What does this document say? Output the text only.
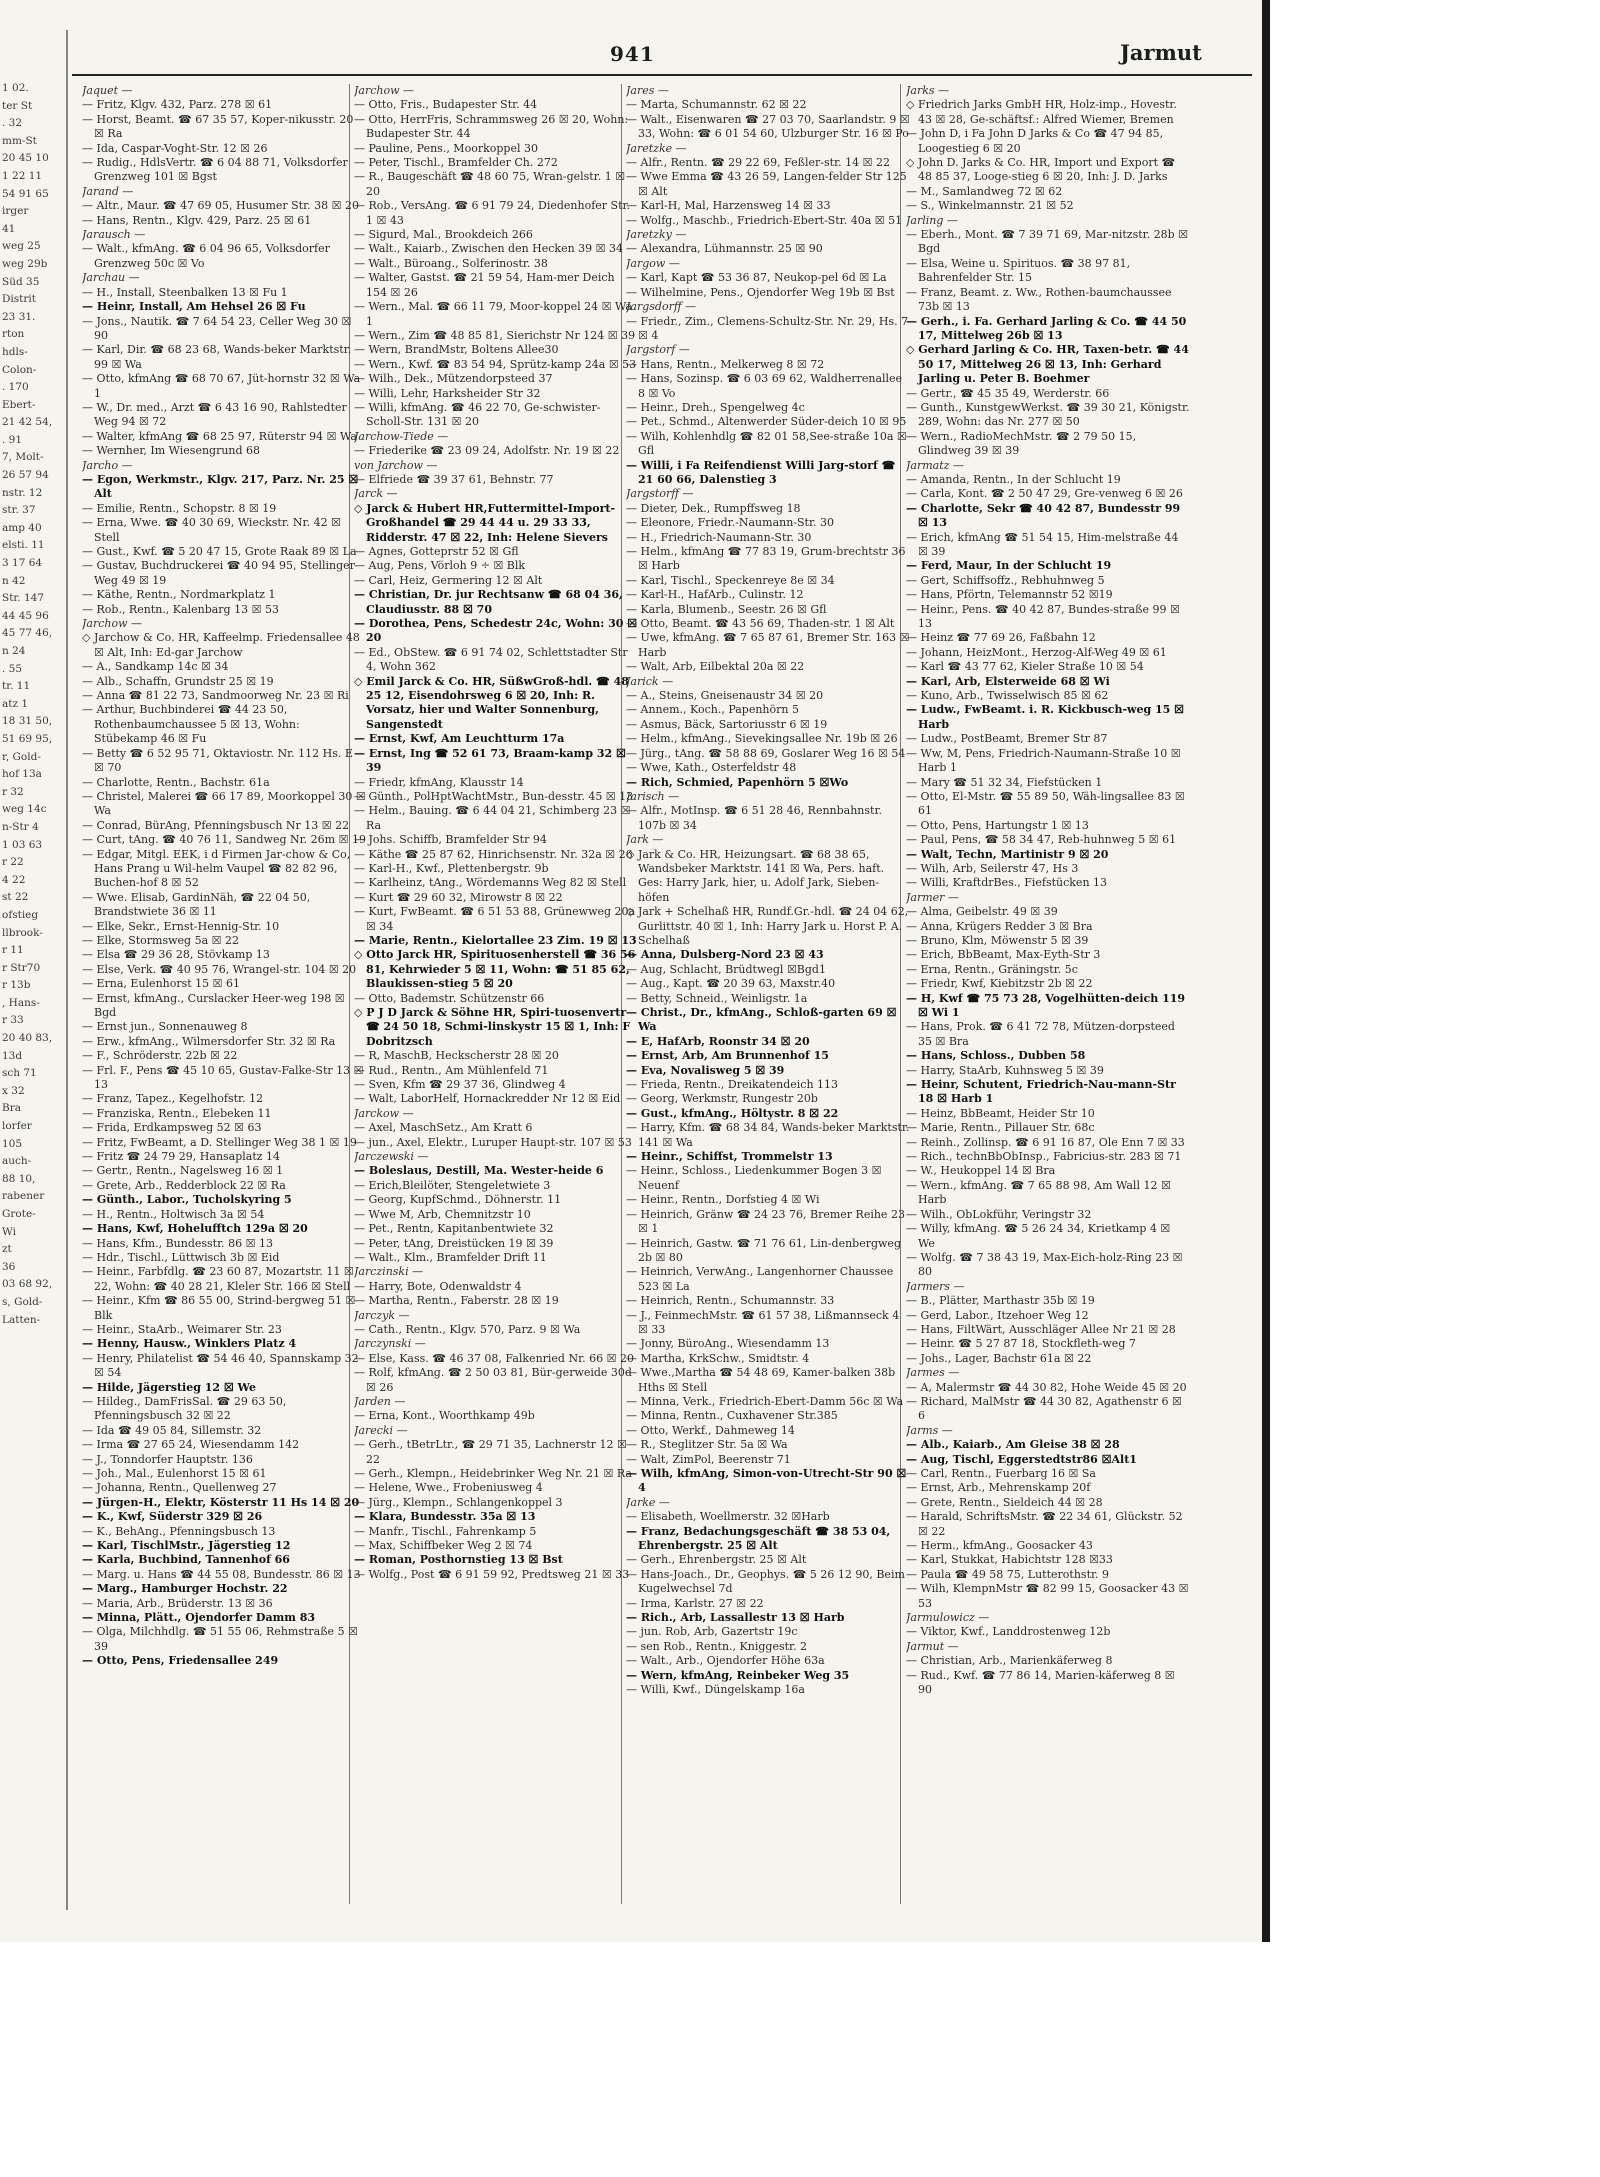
1 02.
ter St
. 32
mm-St
20 45 10
1 22 11
54 91 65
irger
41
weg 25
weg 29b
Süd 35
Distrit
23 31.
rton
hdls-
Colon-
. 170
Ebert-
21 42 54,
. 91
7, Molt-
26 57 94
nstr. 12
str. 37
amp 40
elsti. 11
3 17 64
n 42
Str. 147
44 45 96
45 77 46,
n 24
. 55
tr. 11
atz 1
18 31 50,
51 69 95,
r, Gold-
hof 13a
r 32
weg 14c
n-Str 4
1 03 63
r 22
4 22
st 22
ofstieg
llbrook-
r 11
r Str70
r 13b
, Hans-
r 33
20 40 83,
13d
sch 71
x 32
Bra
lorfer
105
auch-
88 10,
rabener
Grote-
Wi
zt
36
03 68 92,
s, Gold-
Latten-
941	Jarmut
Jaquet —
— Fritz, Klgv. 432, Parz. 278 ☒ 61
— Horst, Beamt. ☎ 67 35 57, Koper-nikusstr. 20 ☒ Ra
— Ida, Caspar-Voght-Str. 12 ☒ 26
— Rudig., HdlsVertr. ☎ 6 04 88 71, Volksdorfer Grenzweg 101 ☒ Bgst
Jarand —
— Altr., Maur. ☎ 47 69 05, Husumer Str. 38 ☒ 20
— Hans, Rentn., Klgv. 429, Parz. 25 ☒ 61
Jarausch —
— Walt., kfmAng. ☎ 6 04 96 65, Volksdorfer Grenzweg 50c ☒ Vo
Jarchau —
— H., Install, Steenbalken 13 ☒ Fu 1
— Heinr, Install, Am Hehsel 26 ☒ Fu
— Jons., Nautik. ☎ 7 64 54 23, Celler Weg 30 ☒ 90
— Karl, Dir. ☎ 68 23 68, Wands-beker Marktstr. 99 ☒ Wa
— Otto, kfmAng ☎ 68 70 67, Jüt-hornstr 32 ☒ Wa 1
— W., Dr. med., Arzt ☎ 6 43 16 90, Rahlstedter Weg 94 ☒ 72
— Walter, kfmAng ☎ 68 25 97, Rüterstr 94 ☒ Wa
— Wernher, Im Wiesengrund 68
Jarcho —
— Egon, Werkmstr., Klgv. 217, Parz. Nr. 25 ☒ Alt
— Emilie, Rentn., Schopstr. 8 ☒ 19
— Erna, Wwe. ☎ 40 30 69, Wieckstr. Nr. 42 ☒ Stell
— Gust., Kwf. ☎ 5 20 47 15, Grote Raak 89 ☒ La
— Gustav, Buchdruckerei ☎ 40 94 95, Stellinger Weg 49 ☒ 19
— Käthe, Rentn., Nordmarkplatz 1
— Rob., Rentn., Kalenbarg 13 ☒ 53
Jarchow —
◇ Jarchow & Co. HR, Kaffeelmp. Friedensallee 48 ☒ Alt, Inh: Ed-gar Jarchow
— A., Sandkamp 14c ☒ 34
— Alb., Schaffn, Grundstr 25 ☒ 19
— Anna ☎ 81 22 73, Sandmoorweg Nr. 23 ☒ Ri
— Arthur, Buchbinderei ☎ 44 23 50, Rothenbaumchaussee 5 ☒ 13, Wohn: Stübekamp 46 ☒ Fu
— Betty ☎ 6 52 95 71, Oktaviostr. Nr. 112 Hs. E ☒ 70
— Charlotte, Rentn., Bachstr. 61a
— Christel, Malerei ☎ 66 17 89, Moorkoppel 30 ☒ Wa
— Conrad, BürAng, Pfenningsbusch Nr 13 ☒ 22
— Curt, tAng. ☎ 40 76 11, Sandweg Nr. 26m ☒ 19
— Edgar, Mitgl. EEK, i d Firmen Jar-chow & Co, Hans Prang u Wil-helm Vaupel ☎ 82 82 96, Buchen-hof 8 ☒ 52
— Wwe. Elisab, GardinNäh, ☎ 22 04 50, Brandstwiete 36 ☒ 11
— Elke, Sekr., Ernst-Hennig-Str. 10
— Elke, Stormsweg 5a ☒ 22
— Elsa ☎ 29 36 28, Stövkamp 13
— Else, Verk. ☎ 40 95 76, Wrangel-str. 104 ☒ 20
— Erna, Eulenhorst 15 ☒ 61
— Ernst, kfmAng., Curslacker Heer-weg 198 ☒ Bgd
— Ernst jun., Sonnenauweg 8
— Erw., kfmAng., Wilmersdorfer Str. 32 ☒ Ra
— F., Schröderstr. 22b ☒ 22
— Frl. F., Pens ☎ 45 10 65, Gustav-Falke-Str 13 ☒ 13
— Franz, Tapez., Kegelhofstr. 12
— Franziska, Rentn., Elebeken 11
— Frida, Erdkampsweg 52 ☒ 63
— Fritz, FwBeamt, a D. Stellinger Weg 38 1 ☒ 19
— Fritz ☎ 24 79 29, Hansaplatz 14
— Gertr., Rentn., Nagelsweg 16 ☒ 1
— Grete, Arb., Redderblock 22 ☒ Ra
— Günth., Labor., Tucholskyring 5
— H., Rentn., Holtwisch 3a ☒ 54
— Hans, Kwf, Hohelufftch 129a ☒ 20
— Hans, Kfm., Bundesstr. 86 ☒ 13
— Hdr., Tischl., Lüttwisch 3b ☒ Eid
— Heinr., Farbfdlg. ☎ 23 60 87, Mozartstr. 11 ☒ 22, Wohn: ☎ 40 28 21, Kleler Str. 166 ☒ Stell
— Heinr., Kfm ☎ 86 55 00, Strind-bergweg 51 ☒ Blk
— Heinr., StaArb., Weimarer Str. 23
— Henny, Hausw., Winklers Platz 4
— Henry, Philatelist ☎ 54 46 40, Spannskamp 32 ☒ 54
— Hilde, Jägerstieg 12 ☒ We
— Hildeg., DamFrisSal. ☎ 29 63 50, Pfenningsbusch 32 ☒ 22
— Ida ☎ 49 05 84, Sillemstr. 32
— Irma ☎ 27 65 24, Wiesendamm 142
— J., Tonndorfer Hauptstr. 136
— Joh., Mal., Eulenhorst 15 ☒ 61
— Johanna, Rentn., Quellenweg 27
— Jürgen-H., Elektr, Kösterstr 11 Hs 14 ☒ 20
— K., Kwf, Süderstr 329 ☒ 26
— K., BehAng., Pfenningsbusch 13
— Karl, TischlMstr., Jägerstieg 12
— Karla, Buchbind, Tannenhof 66
— Marg. u. Hans ☎ 44 55 08, Bundesstr. 86 ☒ 13
— Marg., Hamburger Hochstr. 22
— Maria, Arb., Brüderstr. 13 ☒ 36
— Minna, Plätt., Ojendorfer Damm 83
— Olga, Milchhdlg. ☎ 51 55 06, Rehmstraße 5 ☒ 39
— Otto, Pens, Friedensallee 249
Jarchow —
— Otto, Fris., Budapester Str. 44
— Otto, HerrFris, Schrammsweg 26 ☒ 20, Wohn: Budapester Str. 44
— Pauline, Pens., Moorkoppel 30
— Peter, Tischl., Bramfelder Ch. 272
— R., Baugeschäft ☎ 48 60 75, Wran-gelstr. 1 ☒ 20
— Rob., VersAng. ☎ 6 91 79 24, Diedenhofer Str. 1 ☒ 43
— Sigurd, Mal., Brookdeich 266
— Walt., Kaiarb., Zwischen den Hecken 39 ☒ 34
— Walt., Büroang., Solferinostr. 38
— Walter, Gastst. ☎ 21 59 54, Ham-mer Deich 154 ☒ 26
— Wern., Mal. ☎ 66 11 79, Moor-koppel 24 ☒ Wa 1
— Wern., Zim ☎ 48 85 81, Sierichstr Nr 124 ☒ 39
— Wern, BrandMstr, Boltens Allee30
— Wern., Kwf. ☎ 83 54 94, Sprütz-kamp 24a ☒ 53
— Wilh., Dek., Mützendorpsteed 37
— Willi, Lehr, Harksheider Str 32
— Willi, kfmAng. ☎ 46 22 70, Ge-schwister-Scholl-Str. 131 ☒ 20
Jarchow-Tiede —
— Friederike ☎ 23 09 24, Adolfstr. Nr. 19 ☒ 22
von Jarchow —
— Elfriede ☎ 39 37 61, Behnstr. 77
Jarck —
◇ Jarck & Hubert HR,Futtermittel-Import-Großhandel ☎ 29 44 44 u. 29 33 33, Ridderstr. 47 ☒ 22, Inh: Helene Sievers
— Agnes, Gotteprstr 52 ☒ Gfl
— Aug, Pens, Vörloh 9 ÷ ☒ Blk
— Carl, Heiz, Germering 12 ☒ Alt
— Christian, Dr. jur Rechtsanw ☎ 68 04 36, Claudiusstr. 88 ☒ 70
— Dorothea, Pens, Schedestr 24c, Wohn: 30 ☒ 20
— Ed., ObStew. ☎ 6 91 74 02, Schlettstadter Str 4, Wohn 362
◇ Emil Jarck & Co. HR, SüßwGroß-hdl. ☎ 48 25 12, Eisendohrsweg 6 ☒ 20, Inh: R. Vorsatz, hier und Walter Sonnenburg, Sangenstedt
— Ernst, Kwf, Am Leuchtturm 17a
— Ernst, Ing ☎ 52 61 73, Braam-kamp 32 ☒ 39
— Friedr, kfmAng, Klausstr 14
— Günth., PolHptWachtMstr., Bun-desstr. 45 ☒ 13
— Helm., Bauing. ☎ 6 44 04 21, Schimberg 23 ☒ Ra
— Johs. Schiffb, Bramfelder Str 94
— Käthe ☎ 25 87 62, Hinrichsenstr. Nr. 32a ☒ 26
— Karl-H., Kwf., Plettenbergstr. 9b
— Karlheinz, tAng., Wördemanns Weg 82 ☒ Stell
— Kurt ☎ 29 60 32, Mirowstr 8 ☒ 22
— Kurt, FwBeamt. ☎ 6 51 53 88, Grünewweg 20a ☒ 34
— Marie, Rentn., Kielortallee 23 Zim. 19 ☒ 13
◇ Otto Jarck HR, Spirituosenherstell ☎ 36 56 81, Kehrwieder 5 ☒ 11, Wohn: ☎ 51 85 62, Blaukissen-stieg 5 ☒ 20
— Otto, Bademstr. Schützenstr 66
◇ P J D Jarck & Söhne HR, Spiri-tuosenvertr ☎ 24 50 18, Schmi-linskystr 15 ☒ 1, Inh: F Dobritzsch
— R, MaschB, Heckscherstr 28 ☒ 20
— Rud., Rentn., Am Mühlenfeld 71
— Sven, Kfm ☎ 29 37 36, Glindweg 4
— Walt, LaborHelf, Hornackredder Nr 12 ☒ Eid
Jarckow —
— Axel, MaschSetz., Am Kratt 6
— jun., Axel, Elektr., Luruper Haupt-str. 107 ☒ 53
Jarczewski —
— Boleslaus, Destill, Ma. Wester-heide 6
— Erich,Bleilöter, Stengeletwiete 3
— Georg, KupfSchmd., Döhnerstr. 11
— Wwe M, Arb, Chemnitzstr 10
— Pet., Rentn, Kapitanbentwiete 32
— Peter, tAng, Dreistücken 19 ☒ 39
— Walt., Klm., Bramfelder Drift 11
Jarczinski —
— Harry, Bote, Odenwaldstr 4
— Martha, Rentn., Faberstr. 28 ☒ 19
Jarczyk —
— Cath., Rentn., Klgv. 570, Parz. 9 ☒ Wa
Jarczynski —
— Else, Kass. ☎ 46 37 08, Falkenried Nr. 66 ☒ 20
— Rolf, kfmAng. ☎ 2 50 03 81, Bür-gerweide 30d ☒ 26
Jarden —
— Erna, Kont., Woorthkamp 49b
Jarecki —
— Gerh., tBetrLtr., ☎ 29 71 35, Lachnerstr 12 ☒ 22
— Gerh., Klempn., Heidebrinker Weg Nr. 21 ☒ Ra
— Helene, Wwe., Frobeniusweg 4
— Jürg., Klempn., Schlangenkoppel 3
— Klara, Bundesstr. 35a ☒ 13
— Manfr., Tischl., Fahrenkamp 5
— Max, Schiffbeker Weg 2 ☒ 74
— Roman, Posthornstieg 13 ☒ Bst
— Wolfg., Post ☎ 6 91 59 92, Predtsweg 21 ☒ 33
Jares —
— Marta, Schumannstr. 62 ☒ 22
— Walt., Eisenwaren ☎ 27 03 70, Saarlandstr. 9 ☒ 33, Wohn: ☎ 6 01 54 60, Ulzburger Str. 16 ☒ Po
Jaretzke —
— Alfr., Rentn. ☎ 29 22 69, Feßler-str. 14 ☒ 22
— Wwe Emma ☎ 43 26 59, Langen-felder Str 125 ☒ Alt
— Karl-H, Mal, Harzensweg 14 ☒ 33
— Wolfg., Maschb., Friedrich-Ebert-Str. 40a ☒ 51
Jaretzky —
— Alexandra, Lühmannstr. 25 ☒ 90
Jargow —
— Karl, Kapt ☎ 53 36 87, Neukop-pel 6d ☒ La
— Wilhelmine, Pens., Ojendorfer Weg 19b ☒ Bst
Jargsdorff —
— Friedr., Zim., Clemens-Schultz-Str. Nr. 29, Hs. 7 ☒ 4
Jargstorf —
— Hans, Rentn., Melkerweg 8 ☒ 72
— Hans, Sozinsp. ☎ 6 03 69 62, Waldherrenallee 8 ☒ Vo
— Heinr., Dreh., Spengelweg 4c
— Pet., Schmd., Altenwerder Süder-deich 10 ☒ 95
— Wilh, Kohlenhdlg ☎ 82 01 58,See-straße 10a ☒ Gfl
— Willi, i Fa Reifendienst Willi Jarg-storf ☎ 21 60 66, Dalenstieg 3
Jargstorff —
— Dieter, Dek., Rumpffsweg 18
— Eleonore, Friedr.-Naumann-Str. 30
— H., Friedrich-Naumann-Str. 30
— Helm., kfmAng ☎ 77 83 19, Grum-brechtstr 36 ☒ Harb
— Karl, Tischl., Speckenreye 8e ☒ 34
— Karl-H., HafArb., Culinstr. 12
— Karla, Blumenb., Seestr. 26 ☒ Gfl
— Otto, Beamt. ☎ 43 56 69, Thaden-str. 1 ☒ Alt
— Uwe, kfmAng. ☎ 7 65 87 61, Bremer Str. 163 ☒ Harb
— Walt, Arb, Eilbektal 20a ☒ 22
Jarick —
— A., Steins, Gneisenaustr 34 ☒ 20
— Annem., Koch., Papenhörn 5
— Asmus, Bäck, Sartoriusstr 6 ☒ 19
— Helm., kfmAng., Sievekingsallee Nr. 19b ☒ 26
— Jürg., tAng. ☎ 58 88 69, Goslarer Weg 16 ☒ 54
— Wwe, Kath., Osterfeldstr 48
— Rich, Schmied, Papenhörn 5 ☒Wo
Jarisch —
— Alfr., MotInsp. ☎ 6 51 28 46, Rennbahnstr. 107b ☒ 34
Jark —
◇ Jark & Co. HR, Heizungsart. ☎ 68 38 65, Wandsbeker Marktstr. 141 ☒ Wa, Pers. haft. Ges: Harry Jark, hier, u. Adolf Jark, Sieben-höfen
◇ Jark + Schelhaß HR, Rundf.Gr.-hdl. ☎ 24 04 62, Gurlittstr. 40 ☒ 1, Inh: Harry Jark u. Horst P. A. Schelhaß
— Anna, Dulsberg-Nord 23 ☒ 43
— Aug, Schlacht, Brüdtwegl ☒Bgd1
— Aug., Kapt. ☎ 20 39 63, Maxstr.40
— Betty, Schneid., Weinligstr. 1a
— Christ., Dr., kfmAng., Schloß-garten 69 ☒ Wa
— E, HafArb, Roonstr 34 ☒ 20
— Ernst, Arb, Am Brunnenhof 15
— Eva, Novalisweg 5 ☒ 39
— Frieda, Rentn., Dreikatendeich 113
— Georg, Werkmstr, Rungestr 20b
— Gust., kfmAng., Höltystr. 8 ☒ 22
— Harry, Kfm. ☎ 68 34 84, Wands-beker Marktstr. 141 ☒ Wa
— Heinr., Schiffst, Trommelstr 13
— Heinr., Schloss., Liedenkummer Bogen 3 ☒ Neuenf
— Heinr., Rentn., Dorfstieg 4 ☒ Wi
— Heinrich, Gränw ☎ 24 23 76, Bremer Reihe 23 ☒ 1
— Heinrich, Gastw. ☎ 71 76 61, Lin-denbergweg 2b ☒ 80
— Heinrich, VerwAng., Langenhorner Chaussee 523 ☒ La
— Heinrich, Rentn., Schumannstr. 33
— J., FeinmechMstr. ☎ 61 57 38, Lißmannseck 4 ☒ 33
— Jonny, BüroAng., Wiesendamm 13
— Martha, KrkSchw., Smidtstr. 4
— Wwe.,Martha ☎ 54 48 69, Kamer-balken 38b Hths ☒ Stell
— Minna, Verk., Friedrich-Ebert-Damm 56c ☒ Wa
— Minna, Rentn., Cuxhavener Str.385
— Otto, Werkf., Dahmeweg 14
— R., Steglitzer Str. 5a ☒ Wa
— Walt, ZimPol, Beerenstr 71
— Wilh, kfmAng, Simon-von-Utrecht-Str 90 ☒ 4
Jarke —
— Elisabeth, Woellmerstr. 32 ☒Harb
— Franz, Bedachungsgeschäft ☎ 38 53 04, Ehrenbergstr. 25 ☒ Alt
— Gerh., Ehrenbergstr. 25 ☒ Alt
— Hans-Joach., Dr., Geophys. ☎ 5 26 12 90, Beim Kugelwechsel 7d
— Irma, Karlstr. 27 ☒ 22
— Rich., Arb, Lassallestr 13 ☒ Harb
— jun. Rob, Arb, Gazertstr 19c
— sen Rob., Rentn., Kniggestr. 2
— Walt., Arb., Ojendorfer Höhe 63a
— Wern, kfmAng, Reinbeker Weg 35
— Willi, Kwf., Düngelskamp 16a
Jarks —
◇ Friedrich Jarks GmbH HR, Holz-imp., Hovestr. 43 ☒ 28, Ge-schäftsf.: Alfred Wiemer, Bremen
— John D, i Fa John D Jarks & Co ☎ 47 94 85, Loogestieg 6 ☒ 20
◇ John D. Jarks & Co. HR, Import und Export ☎ 48 85 37, Looge-stieg 6 ☒ 20, Inh: J. D. Jarks
— M., Samlandweg 72 ☒ 62
— S., Winkelmannstr. 21 ☒ 52
Jarling —
— Eberh., Mont. ☎ 7 39 71 69, Mar-nitzstr. 28b ☒ Bgd
— Elsa, Weine u. Spirituos. ☎ 38 97 81, Bahrenfelder Str. 15
— Franz, Beamt. z. Ww., Rothen-baumchaussee 73b ☒ 13
— Gerh., i. Fa. Gerhard Jarling & Co. ☎ 44 50 17, Mittelweg 26b ☒ 13
◇ Gerhard Jarling & Co. HR, Taxen-betr. ☎ 44 50 17, Mittelweg 26 ☒ 13, Inh: Gerhard Jarling u. Peter B. Boehmer
— Gertr., ☎ 45 35 49, Werderstr. 66
— Gunth., KunstgewWerkst. ☎ 39 30 21, Königstr. 289, Wohn: das Nr. 277 ☒ 50
— Wern., RadioMechMstr. ☎ 2 79 50 15, Glindweg 39 ☒ 39
Jarmatz —
— Amanda, Rentn., In der Schlucht 19
— Carla, Kont. ☎ 2 50 47 29, Gre-venweg 6 ☒ 26
— Charlotte, Sekr ☎ 40 42 87, Bundesstr 99 ☒ 13
— Erich, kfmAng ☎ 51 54 15, Him-melstraße 44 ☒ 39
— Ferd, Maur, In der Schlucht 19
— Gert, Schiffsoffz., Rebhuhnweg 5
— Hans, Pförtn, Telemannstr 52 ☒19
— Heinr., Pens. ☎ 40 42 87, Bundes-straße 99 ☒ 13
— Heinz ☎ 77 69 26, Faßbahn 12
— Johann, HeizMont., Herzog-Alf-Weg 49 ☒ 61
— Karl ☎ 43 77 62, Kieler Straße 10 ☒ 54
— Karl, Arb, Elsterweide 68 ☒ Wi
— Kuno, Arb., Twisselwisch 85 ☒ 62
— Ludw., FwBeamt. i. R. Kickbusch-weg 15 ☒ Harb
— Ludw., PostBeamt, Bremer Str 87
— Ww, M, Pens, Friedrich-Naumann-Straße 10 ☒ Harb 1
— Mary ☎ 51 32 34, Fiefstücken 1
— Otto, El-Mstr. ☎ 55 89 50, Wäh-lingsallee 83 ☒ 61
— Otto, Pens, Hartungstr 1 ☒ 13
— Paul, Pens, ☎ 58 34 47, Reb-huhnweg 5 ☒ 61
— Walt, Techn, Martinistr 9 ☒ 20
— Wilh, Arb, Seilerstr 47, Hs 3
— Willi, KraftdrBes., Fiefstücken 13
Jarmer —
— Alma, Geibelstr. 49 ☒ 39
— Anna, Krügers Redder 3 ☒ Bra
— Bruno, Klm, Möwenstr 5 ☒ 39
— Erich, BbBeamt, Max-Eyth-Str 3
— Erna, Rentn., Gräningstr. 5c
— Friedr, Kwf, Kiebitzstr 2b ☒ 22
— H, Kwf ☎ 75 73 28, Vogelhütten-deich 119 ☒ Wi 1
— Hans, Prok. ☎ 6 41 72 78, Mützen-dorpsteed 35 ☒ Bra
— Hans, Schloss., Dubben 58
— Harry, StaArb, Kuhnsweg 5 ☒ 39
— Heinr, Schutent, Friedrich-Nau-mann-Str 18 ☒ Harb 1
— Heinz, BbBeamt, Heider Str 10
— Marie, Rentn., Pillauer Str. 68c
— Reinh., Zollinsp. ☎ 6 91 16 87, Ole Enn 7 ☒ 33
— Rich., technBbObInsp., Fabricius-str. 283 ☒ 71
— W., Heukoppel 14 ☒ Bra
— Wern., kfmAng. ☎ 7 65 88 98, Am Wall 12 ☒ Harb
— Wilh., ObLokführ, Veringstr 32
— Willy, kfmAng. ☎ 5 26 24 34, Krietkamp 4 ☒ We
— Wolfg. ☎ 7 38 43 19, Max-Eich-holz-Ring 23 ☒ 80
Jarmers —
— B., Plätter, Marthastr 35b ☒ 19
— Gerd, Labor., Itzehoer Weg 12
— Hans, FiltWärt, Ausschläger Allee Nr 21 ☒ 28
— Heinr. ☎ 5 27 87 18, Stockfleth-weg 7
— Johs., Lager, Bachstr 61a ☒ 22
Jarmes —
— A, Malermstr ☎ 44 30 82, Hohe Weide 45 ☒ 20
— Richard, MalMstr ☎ 44 30 82, Agathenstr 6 ☒ 6
Jarms —
— Alb., Kaiarb., Am Gleise 38 ☒ 28
— Aug, Tischl, Eggerstedtstr86 ☒Alt1
— Carl, Rentn., Fuerbarg 16 ☒ Sa
— Ernst, Arb., Mehrenskamp 20f
— Grete, Rentn., Sieldeich 44 ☒ 28
— Harald, SchriftsMstr. ☎ 22 34 61, Glückstr. 52 ☒ 22
— Herm., kfmAng., Goosacker 43
— Karl, Stukkat, Habichtstr 128 ☒33
— Paula ☎ 49 58 75, Lutterothstr. 9
— Wilh, KlempnMstr ☎ 82 99 15, Goosacker 43 ☒ 53
Jarmulowicz —
— Viktor, Kwf., Landdrostenweg 12b
Jarmut —
— Christian, Arb., Marienkäferweg 8
— Rud., Kwf. ☎ 77 86 14, Marien-käferweg 8 ☒ 90
